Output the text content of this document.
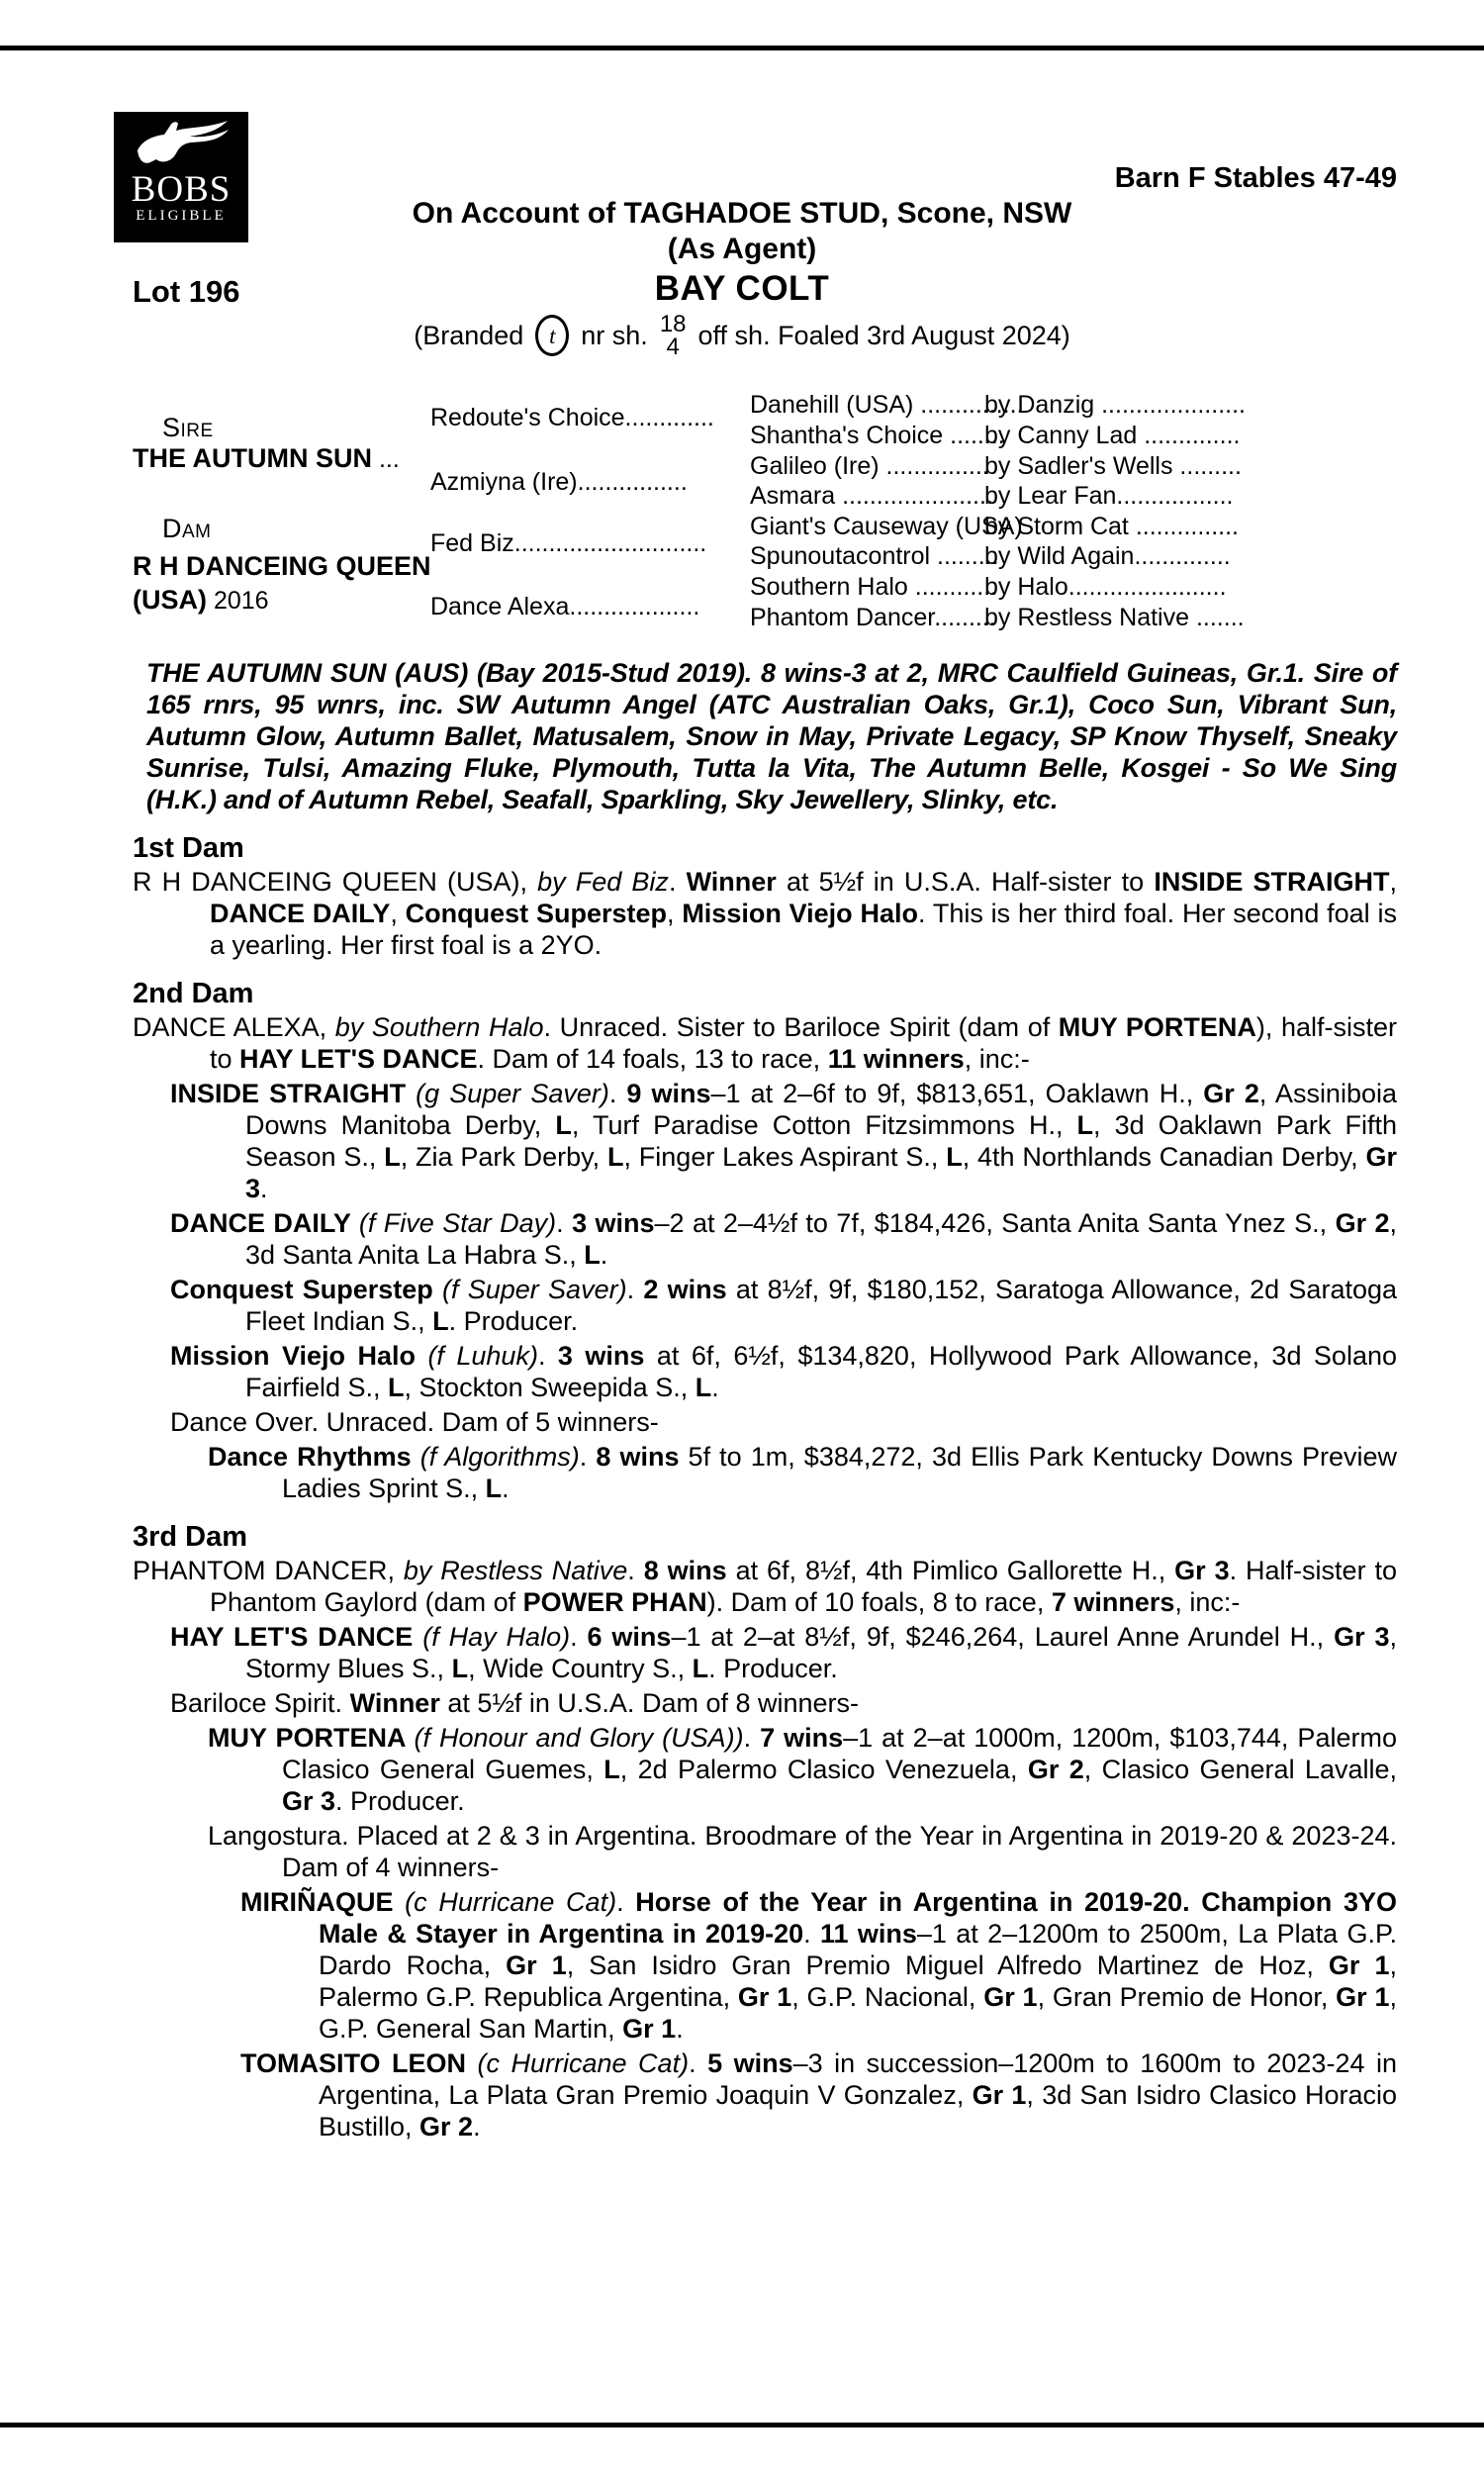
BOBS
ELIGIBLE
Barn F Stables 47-49
On Account of TAGHADOE STUD, Scone, NSW
(As Agent)
Lot 196	BAY COLT
(Branded	t nr sh. 18
4 off sh. Foaled 3rd August 2024)
Sire
THE AUTUMN SUN ...
Dam
R H DANCEING QUEEN
(USA) 2016
Redoute's Choice.............
Azmiyna (Ire)................
Fed Biz............................
Dance Alexa...................
Danehill (USA) ...............
by Danzig .....................
Shantha's Choice ........
by Canny Lad ..............
Galileo (Ire) ...............
by Sadler's Wells .........
Asmara ......................
by Lear Fan.................
Giant's Causeway (USA)
by Storm Cat ...............
Spunoutacontrol .........
by Wild Again..............
Southern Halo ............
by Halo.......................
Phantom Dancer.........
by Restless Native .......

THE AUTUMN SUN (AUS) (Bay 2015-Stud 2019). 8 wins-3 at 2, MRC Caulfield Guineas, Gr.1. Sire of 165 rnrs, 95 wnrs, inc. SW Autumn Angel (ATC Australian Oaks, Gr.1), Coco Sun, Vibrant Sun, Autumn Glow, Autumn Ballet, Matusalem, Snow in May, Private Legacy, SP Know Thyself, Sneaky Sunrise, Tulsi, Amazing Fluke, Plymouth, Tutta la Vita, The Autumn Belle, Kosgei - So We Sing (H.K.) and of Autumn Rebel, Seafall, Sparkling, Sky Jewellery, Slinky, etc.

1st Dam
R H DANCEING QUEEN (USA), by Fed Biz. Winner at 5½f in U.S.A. Half-sister to INSIDE STRAIGHT, DANCE DAILY, Conquest Superstep, Mission Viejo Halo. This is her third foal. Her second foal is a yearling. Her first foal is a 2YO.
2nd Dam
DANCE ALEXA, by Southern Halo. Unraced. Sister to Bariloce Spirit (dam of MUY PORTENA), half-sister to HAY LET'S DANCE. Dam of 14 foals, 13 to race, 11 winners, inc:-
INSIDE STRAIGHT (g Super Saver). 9 wins–1 at 2–6f to 9f, $813,651, Oaklawn H., Gr 2, Assiniboia Downs Manitoba Derby, L, Turf Paradise Cotton Fitzsimmons H., L, 3d Oaklawn Park Fifth Season S., L, Zia Park Derby, L, Finger Lakes Aspirant S., L, 4th Northlands Canadian Derby, Gr 3.
DANCE DAILY (f Five Star Day). 3 wins–2 at 2–4½f to 7f, $184,426, Santa Anita Santa Ynez S., Gr 2, 3d Santa Anita La Habra S., L.
Conquest Superstep (f Super Saver). 2 wins at 8½f, 9f, $180,152, Saratoga Allowance, 2d Saratoga Fleet Indian S., L. Producer.
Mission Viejo Halo (f Luhuk). 3 wins at 6f, 6½f, $134,820, Hollywood Park Allowance, 3d Solano Fairfield S., L, Stockton Sweepida S., L.
Dance Over. Unraced. Dam of 5 winners-
Dance Rhythms (f Algorithms). 8 wins 5f to 1m, $384,272, 3d Ellis Park Kentucky Downs Preview Ladies Sprint S., L.
3rd Dam
PHANTOM DANCER, by Restless Native. 8 wins at 6f, 8½f, 4th Pimlico Gallorette H., Gr 3. Half-sister to Phantom Gaylord (dam of POWER PHAN). Dam of 10 foals, 8 to race, 7 winners, inc:-
HAY LET'S DANCE (f Hay Halo). 6 wins–1 at 2–at 8½f, 9f, $246,264, Laurel Anne Arundel H., Gr 3, Stormy Blues S., L, Wide Country S., L. Producer.
Bariloce Spirit. Winner at 5½f in U.S.A. Dam of 8 winners-
MUY PORTENA (f Honour and Glory (USA)). 7 wins–1 at 2–at 1000m, 1200m, $103,744, Palermo Clasico General Guemes, L, 2d Palermo Clasico Venezuela, Gr 2, Clasico General Lavalle, Gr 3. Producer.
Langostura. Placed at 2 & 3 in Argentina. Broodmare of the Year in Argentina in 2019-20 & 2023-24. Dam of 4 winners-
MIRIÑAQUE (c Hurricane Cat). Horse of the Year in Argentina in 2019-20. Champion 3YO Male & Stayer in Argentina in 2019-20. 11 wins–1 at 2–1200m to 2500m, La Plata G.P. Dardo Rocha, Gr 1, San Isidro Gran Premio Miguel Alfredo Martinez de Hoz, Gr 1, Palermo G.P. Republica Argentina, Gr 1, G.P. Nacional, Gr 1, Gran Premio de Honor, Gr 1, G.P. General San Martin, Gr 1.
TOMASITO LEON (c Hurricane Cat). 5 wins–3 in succession–1200m to 1600m to 2023-24 in Argentina, La Plata Gran Premio Joaquin V Gonzalez, Gr 1, 3d San Isidro Clasico Horacio Bustillo, Gr 2.
